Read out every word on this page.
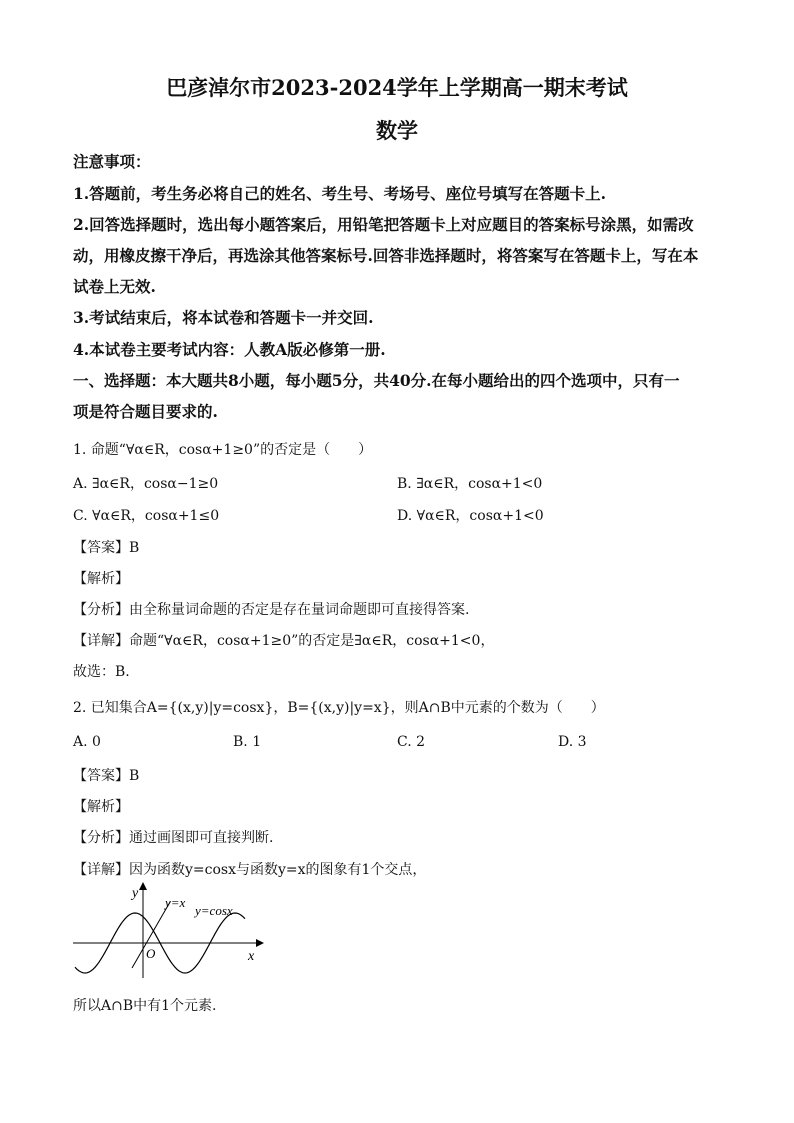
巴彦淖尔市2023-2024学年上学期高一期末考试
数学
注意事项：
1.答题前，考生务必将自己的姓名、考生号、考场号、座位号填写在答题卡上.
2.回答选择题时，选出每小题答案后，用铅笔把答题卡上对应题目的答案标号涂黑，如需改
动，用橡皮擦干净后，再选涂其他答案标号.回答非选择题时，将答案写在答题卡上，写在本
试卷上无效.
3.考试结束后，将本试卷和答题卡一并交回.
4.本试卷主要考试内容：人教A版必修第一册.
一、选择题：本大题共8小题，每小题5分，共40分.在每小题给出的四个选项中，只有一
项是符合题目要求的.
1. 命题“∀α∈R，cosα+1≥0”的否定是（　　）
A. ∃α∈R，cosα−1≥0	B. ∃α∈R，cosα+1<0
C. ∀α∈R，cosα+1≤0	D. ∀α∈R，cosα+1<0
【答案】B
【解析】
【分析】由全称量词命题的否定是存在量词命题即可直接得答案.
【详解】命题“∀α∈R，cosα+1≥0”的否定是∃α∈R，cosα+1<0，
故选：B.
2. 已知集合A={(x,y)|y=cosx}，B={(x,y)|y=x}，则A∩B中元素的个数为（　　）
A. 0	B. 1	C. 2	D. 3
【答案】B
【解析】
【分析】通过画图即可直接判断.
【详解】因为函数y=cosx与函数y=x的图象有1个交点，
y
x
O
y=x
y=cosx
所以A∩B中有1个元素.
